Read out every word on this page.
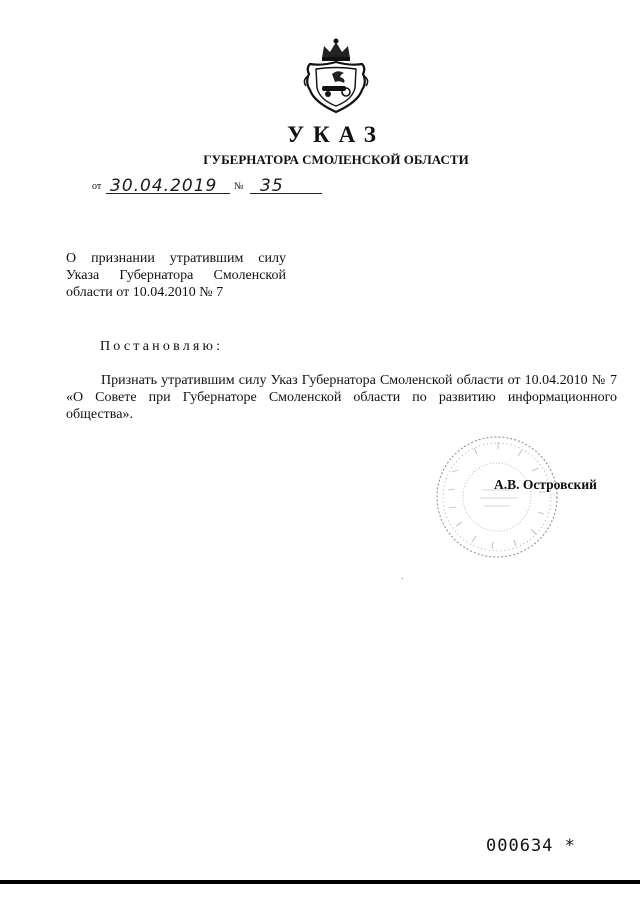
УКАЗ
ГУБЕРНАТОРА СМОЛЕНСКОЙ ОБЛАСТИ
от 30.04.2019 № 35
О признании утратившим силу Указа Губернатора Смоленской области от 10.04.2010 № 7
Постановляю:
Признать утратившим силу Указ Губернатора Смоленской области от 10.04.2010 № 7 «О Совете при Губернаторе Смоленской области по развитию информационного общества».
А.В. Островский
000634 *
